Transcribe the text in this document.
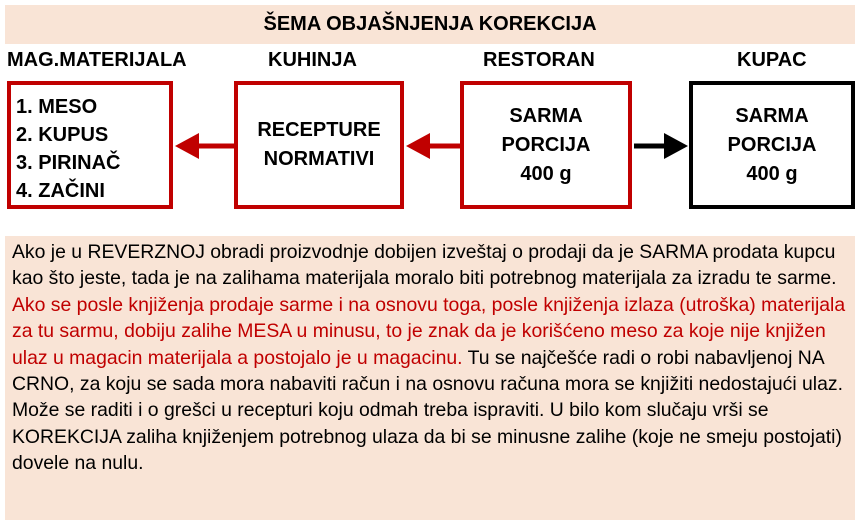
ŠEMA OBJAŠNJENJA KOREKCIJA
MAG.MATERIJALA	KUHINJA	RESTORAN	KUPAC
1. MESO
2. KUPUS
3. PIRINAČ
4. ZAČINI
RECEPTURE
NORMATIVI
SARMA
PORCIJA
400 g
SARMA
PORCIJA
400 g
Ako je u REVERZNOJ obradi proizvodnje dobijen izveštaj o prodaji da je SARMA prodata kupcu kao što jeste, tada je na zalihama materijala moralo biti potrebnog materijala za izradu te sarme. Ako se posle knjiženja prodaje sarme i na osnovu toga, posle knjiženja izlaza (utroška) materijala za tu sarmu, dobiju zalihe MESA u minusu, to je znak da je korišćeno meso za koje nije knjižen ulaz u magacin materijala a postojalo je u magacinu. Tu se najčešće radi o robi nabavljenoj NA CRNO, za koju se sada mora nabaviti račun i na osnovu računa mora se knjižiti nedostajući ulaz. Može se raditi i o grešci u recepturi koju odmah treba ispraviti. U bilo kom slučaju vrši se KOREKCIJA zaliha knjiženjem potrebnog ulaza da bi se minusne zalihe (koje ne smeju postojati) dovele na nulu.
